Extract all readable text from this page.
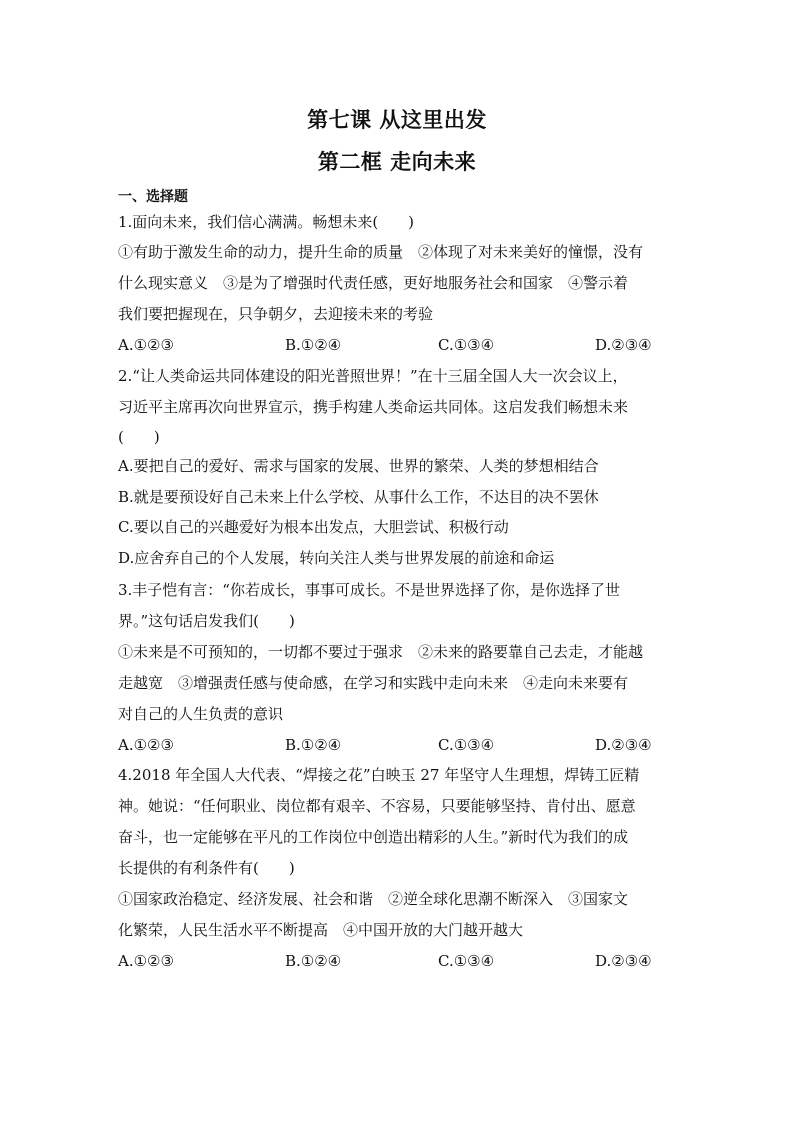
第七课 从这里出发
第二框 走向未来
一、选择题
1.面向未来，我们信心满满。畅想未来(　　)
①有助于激发生命的动力，提升生命的质量　②体现了对未来美好的憧憬，没有
什么现实意义　③是为了增强时代责任感，更好地服务社会和国家　④警示着
我们要把握现在，只争朝夕，去迎接未来的考验
A.①②③	B.①②④	C.①③④	D.②③④
2.“让人类命运共同体建设的阳光普照世界！”在十三届全国人大一次会议上，
习近平主席再次向世界宣示，携手构建人类命运共同体。这启发我们畅想未来
(　　)
A.要把自己的爱好、需求与国家的发展、世界的繁荣、人类的梦想相结合
B.就是要预设好自己未来上什么学校、从事什么工作，不达目的决不罢休
C.要以自己的兴趣爱好为根本出发点，大胆尝试、积极行动
D.应舍弃自己的个人发展，转向关注人类与世界发展的前途和命运
3.丰子恺有言：“你若成长，事事可成长。不是世界选择了你，是你选择了世
界。”这句话启发我们(　　)
①未来是不可预知的，一切都不要过于强求　②未来的路要靠自己去走，才能越
走越宽　③增强责任感与使命感，在学习和实践中走向未来　④走向未来要有
对自己的人生负责的意识
A.①②③	B.①②④	C.①③④	D.②③④
4.2018 年全国人大代表、“焊接之花”白映玉 27 年坚守人生理想，焊铸工匠精
神。她说：“任何职业、岗位都有艰辛、不容易，只要能够坚持、肯付出、愿意
奋斗，也一定能够在平凡的工作岗位中创造出精彩的人生。”新时代为我们的成
长提供的有利条件有(　　)
①国家政治稳定、经济发展、社会和谐　②逆全球化思潮不断深入　③国家文
化繁荣，人民生活水平不断提高　④中国开放的大门越开越大
A.①②③	B.①②④	C.①③④	D.②③④
